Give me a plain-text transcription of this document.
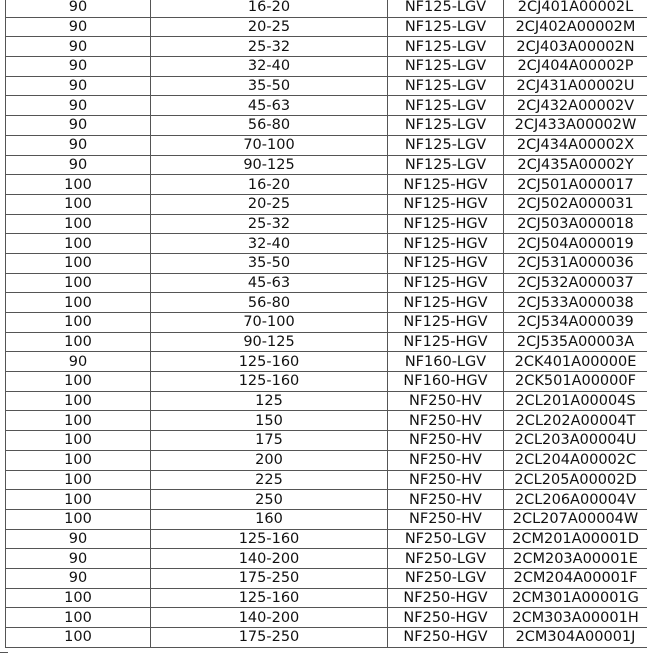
90	16-20	NF125-LGV	2CJ401A00002L
90	20-25	NF125-LGV	2CJ402A00002M
90	25-32	NF125-LGV	2CJ403A00002N
90	32-40	NF125-LGV	2CJ404A00002P
90	35-50	NF125-LGV	2CJ431A00002U
90	45-63	NF125-LGV	2CJ432A00002V
90	56-80	NF125-LGV	2CJ433A00002W
90	70-100	NF125-LGV	2CJ434A00002X
90	90-125	NF125-LGV	2CJ435A00002Y
100	16-20	NF125-HGV	2CJ501A000017
100	20-25	NF125-HGV	2CJ502A000031
100	25-32	NF125-HGV	2CJ503A000018
100	32-40	NF125-HGV	2CJ504A000019
100	35-50	NF125-HGV	2CJ531A000036
100	45-63	NF125-HGV	2CJ532A000037
100	56-80	NF125-HGV	2CJ533A000038
100	70-100	NF125-HGV	2CJ534A000039
100	90-125	NF125-HGV	2CJ535A00003A
90	125-160	NF160-LGV	2CK401A00000E
100	125-160	NF160-HGV	2CK501A00000F
100	125	NF250-HV	2CL201A00004S
100	150	NF250-HV	2CL202A00004T
100	175	NF250-HV	2CL203A00004U
100	200	NF250-HV	2CL204A00002C
100	225	NF250-HV	2CL205A00002D
100	250	NF250-HV	2CL206A00004V
100	160	NF250-HV	2CL207A00004W
90	125-160	NF250-LGV	2CM201A00001D
90	140-200	NF250-LGV	2CM203A00001E
90	175-250	NF250-LGV	2CM204A00001F
100	125-160	NF250-HGV	2CM301A00001G
100	140-200	NF250-HGV	2CM303A00001H
100	175-250	NF250-HGV	2CM304A00001J
